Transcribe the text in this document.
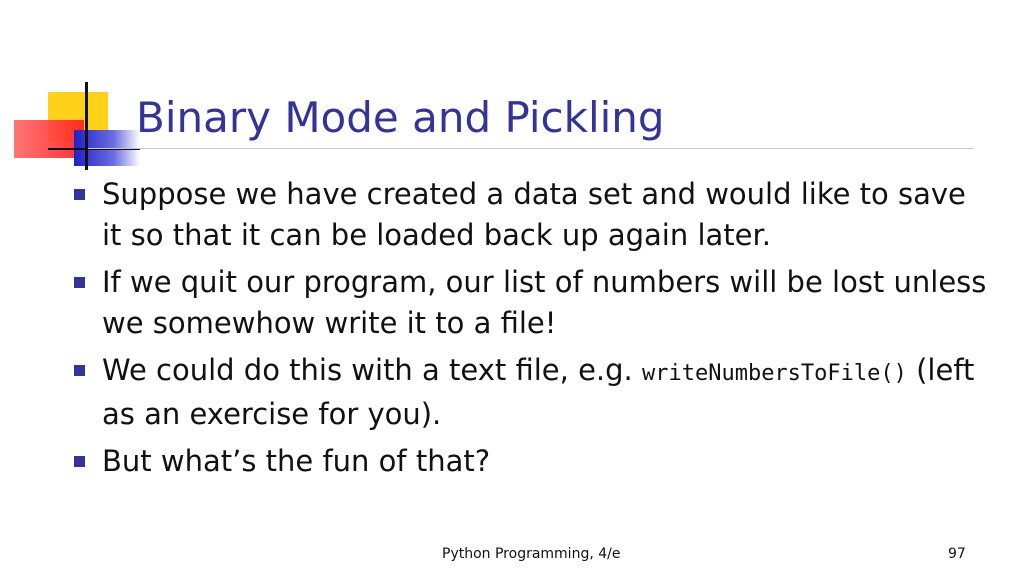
Binary Mode and Pickling
Suppose we have created a data set and would like to save it so that it can be loaded back up again later.
If we quit our program, our list of numbers will be lost unless we somewhow write it to a file!
We could do this with a text file, e.g. writeNumbersToFile() (left as an exercise for you).
But what’s the fun of that?
Python Programming, 4/e	97
